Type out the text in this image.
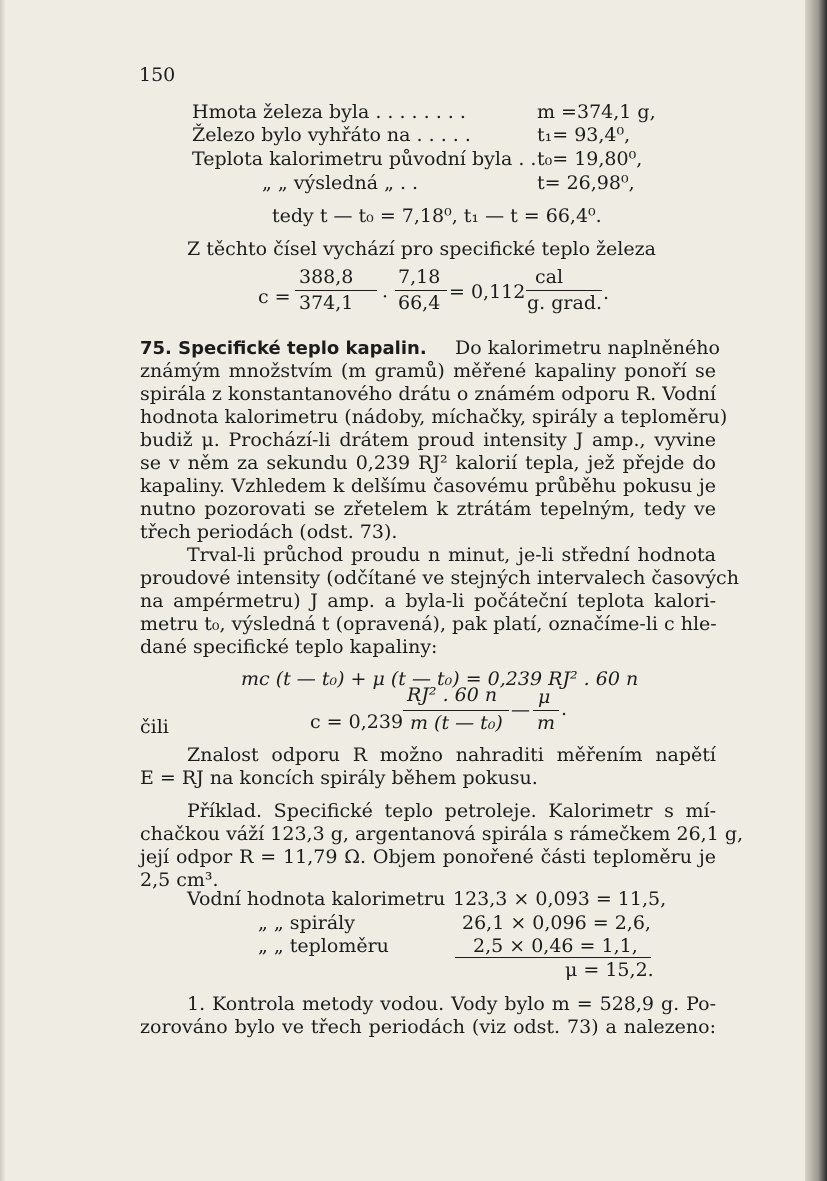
150
Hmota železa byla . . . . . . . .	m =374,1 g,
Železo bylo vyhřáto na . . . . .	t₁= 93,4⁰,
Teplota kalorimetru původní byla . . t₀= 19,80⁰,
„ „ výsledná „ . .	t= 26,98⁰,
tedy t — t₀ = 7,18⁰, t₁ — t = 66,4⁰.
Z těchto čísel vychází pro specifické teplo železa
c =
388,8
374,1 ·
7,18
66,4 = 0,112
cal
g. grad. .
75. Specifické teplo kapalin. Do kalorimetru naplněného
známým množstvím (m gramů) měřené kapaliny ponoří se
spirála z konstantanového drátu o známém odporu R. Vodní
hodnota kalorimetru (nádoby, míchačky, spirály a teploměru)
budiž μ. Prochází-li drátem proud intensity J amp., vyvine
se v něm za sekundu 0,239 RJ² kalorií tepla, jež přejde do
kapaliny. Vzhledem k delšímu časovému průběhu pokusu je
nutno pozorovati se zřetelem k ztrátám tepelným, tedy ve
třech periodách (odst. 73).
Trval-li průchod proudu n minut, je-li střední hodnota
proudové intensity (odčítané ve stejných intervalech časových
na ampérmetru) J amp. a byla-li počáteční teplota kalori-
metru t₀, výsledná t (opravená), pak platí, označíme-li c hle-
dané specifické teplo kapaliny:
mc (t — t₀) + μ (t — t₀) = 0,239 RJ² . 60 n
čili	c = 0,239
RJ² . 60 n
m (t — t₀)
—
μ
m
.
Znalost odporu R možno nahraditi měřením napětí
E = RJ na koncích spirály během pokusu.
Příklad. Specifické teplo petroleje. Kalorimetr s mí-
chačkou váží 123,3 g, argentanová spirála s rámečkem 26,1 g,
její odpor R = 11,79 Ω. Objem ponořené části teploměru je
2,5 cm³.
Vodní hodnota kalorimetru 123,3 × 0,093 = 11,5,
„ „ spirály	26,1 × 0,096 = 2,6,
„ „ teploměru	2,5 × 0,46 = 1,1,
μ = 15,2.
1. Kontrola metody vodou. Vody bylo m = 528,9 g. Po-
zorováno bylo ve třech periodách (viz odst. 73) a nalezeno:
